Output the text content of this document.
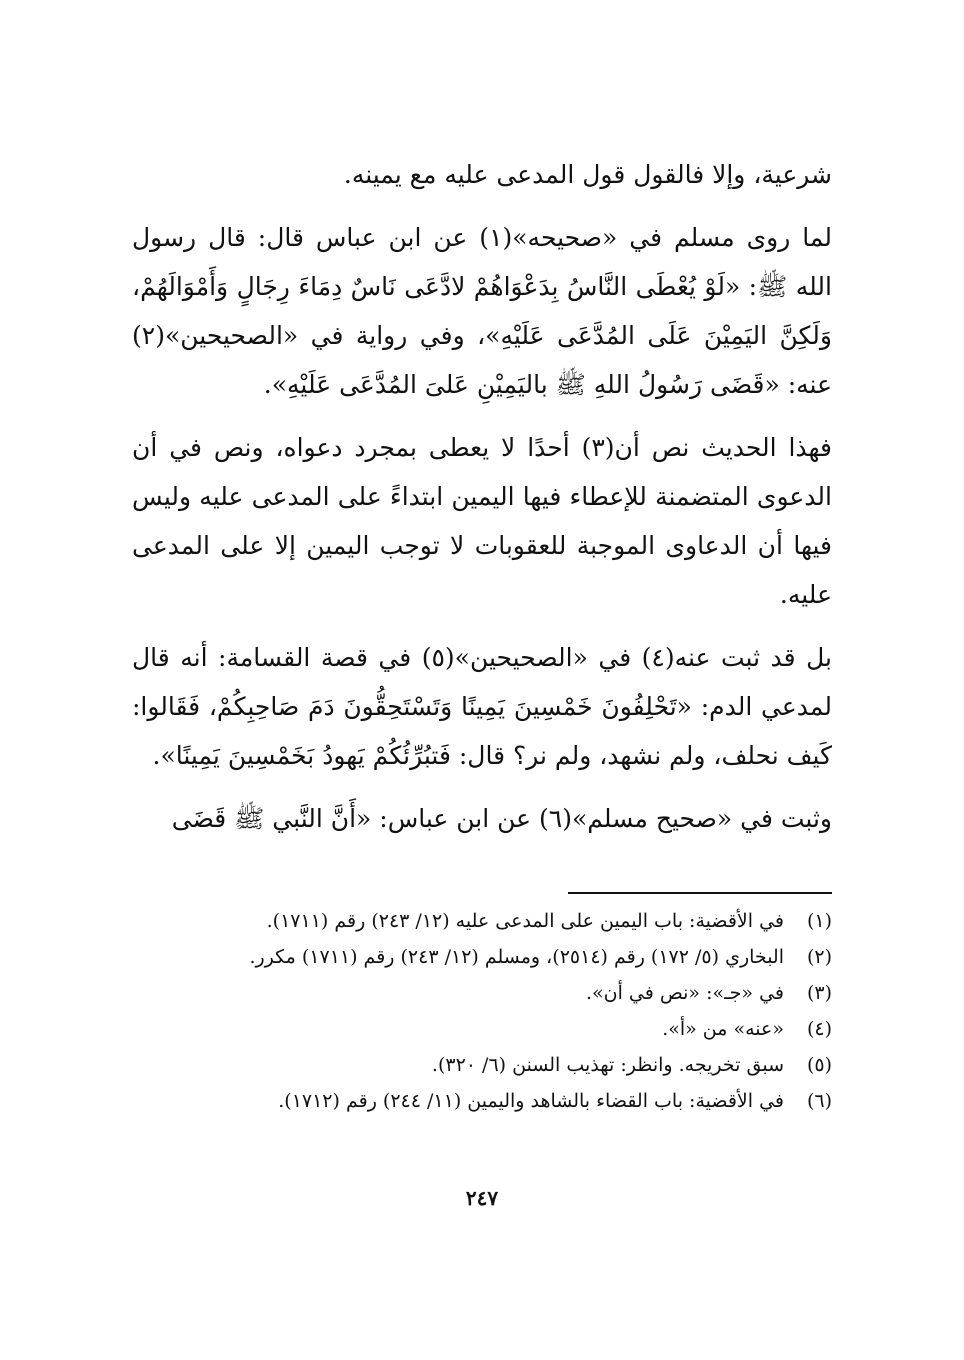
شرعية، وإلا فالقول قول المدعى عليه مع يمينه.

لما روى مسلم في «صحيحه»(١) عن ابن عباس قال: قال رسول الله ﷺ: «لَوْ يُعْطَى النَّاسُ بِدَعْوَاهُمْ لادَّعَى نَاسٌ دِمَاءَ رِجَالٍ وَأَمْوَالَهُمْ، وَلَكِنَّ اليَمِيْنَ عَلَى المُدَّعَى عَلَيْهِ»، وفي رواية في «الصحيحين»(٢) عنه: «قَضَى رَسُولُ اللهِ ﷺ باليَمِيْنِ عَلىَ المُدَّعَى عَلَيْهِ».

فهذا الحديث نص أن(٣) أحدًا لا يعطى بمجرد دعواه، ونص في أن الدعوى المتضمنة للإعطاء فيها اليمين ابتداءً على المدعى عليه وليس فيها أن الدعاوى الموجبة للعقوبات لا توجب اليمين إلا على المدعى عليه.

بل قد ثبت عنه(٤) في «الصحيحين»(٥) في قصة القسامة: أنه قال لمدعي الدم: «تَحْلِفُونَ خَمْسِينَ يَمِينًا وَتَسْتَحِقُّونَ دَمَ صَاحِبِكُمْ، فَقَالوا: كَيف نحلف، ولم نشهد، ولم نر؟ قال: فَتبُرِّئُكُمْ يَهودُ بَخَمْسِينَ يَمِينًا».

وثبت في «صحيح مسلم»(٦) عن ابن عباس: «أَنَّ النَّبي ﷺ قَضَى

(١)
في الأقضية: باب اليمين على المدعى عليه (١٢/ ٢٤٣) رقم (١٧١١).
(٢)
البخاري (٥/ ١٧٢) رقم (٢٥١٤)، ومسلم (١٢/ ٢٤٣) رقم (١٧١١) مكرر.
(٣)
في «جـ»: «نص في أن».
(٤)
«عنه» من «أ».
(٥)
سبق تخريجه. وانظر: تهذيب السنن (٦/ ٣٢٠).
(٦)
في الأقضية: باب القضاء بالشاهد واليمين (١١/ ٢٤٤) رقم (١٧١٢).
٢٤٧
